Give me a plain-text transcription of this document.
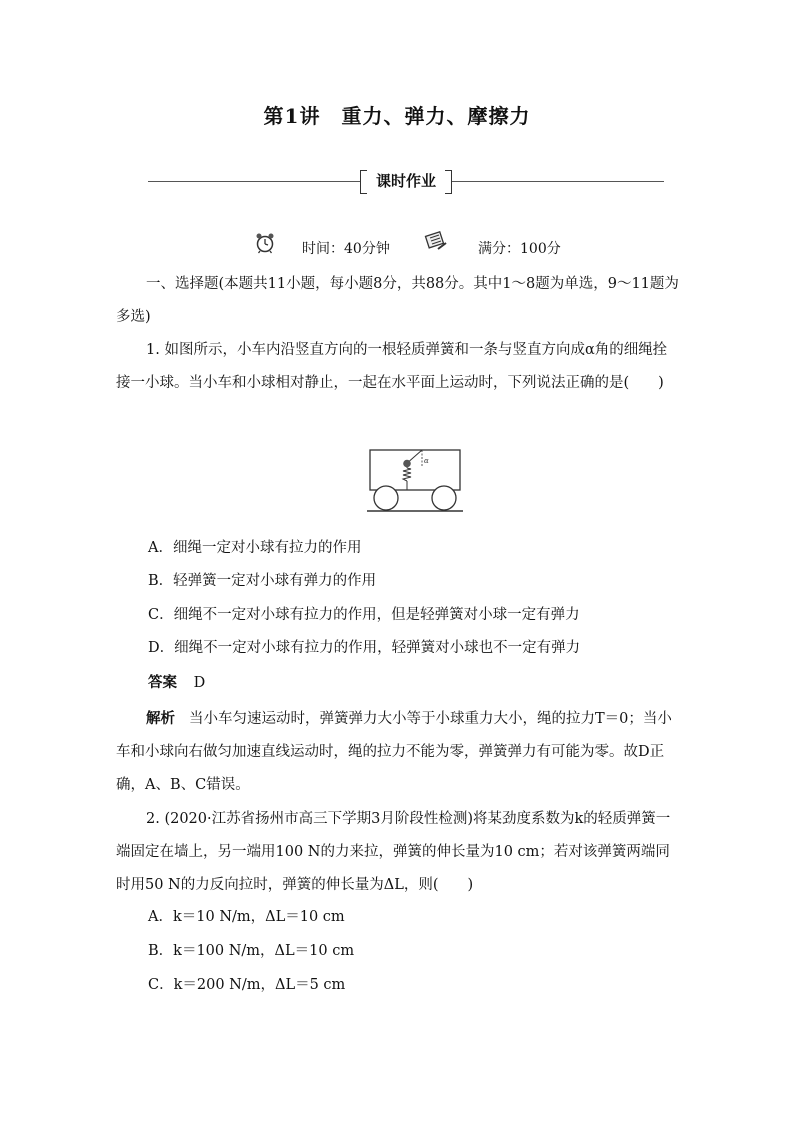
第1讲　重力、弹力、摩擦力
课时作业
时间：40分钟	满分：100分
一、选择题(本题共11小题，每小题8分，共88分。其中1～8题为单选，9～11题为多选)
1. 如图所示，小车内沿竖直方向的一根轻质弹簧和一条与竖直方向成α角的细绳拴接一小球。当小车和小球相对静止，一起在水平面上运动时，下列说法正确的是(　　)
α
A．细绳一定对小球有拉力的作用
B．轻弹簧一定对小球有弹力的作用
C．细绳不一定对小球有拉力的作用，但是轻弹簧对小球一定有弹力
D．细绳不一定对小球有拉力的作用，轻弹簧对小球也不一定有弹力
答案 D
解析 当小车匀速运动时，弹簧弹力大小等于小球重力大小，绳的拉力T＝0；当小车和小球向右做匀加速直线运动时，绳的拉力不能为零，弹簧弹力有可能为零。故D正确，A、B、C错误。
2. (2020·江苏省扬州市高三下学期3月阶段性检测)将某劲度系数为k的轻质弹簧一端固定在墙上，另一端用100 N的力来拉，弹簧的伸长量为10 cm；若对该弹簧两端同时用50 N的力反向拉时，弹簧的伸长量为ΔL，则(　　)
A．k＝10 N/m，ΔL＝10 cm
B．k＝100 N/m，ΔL＝10 cm
C．k＝200 N/m，ΔL＝5 cm
